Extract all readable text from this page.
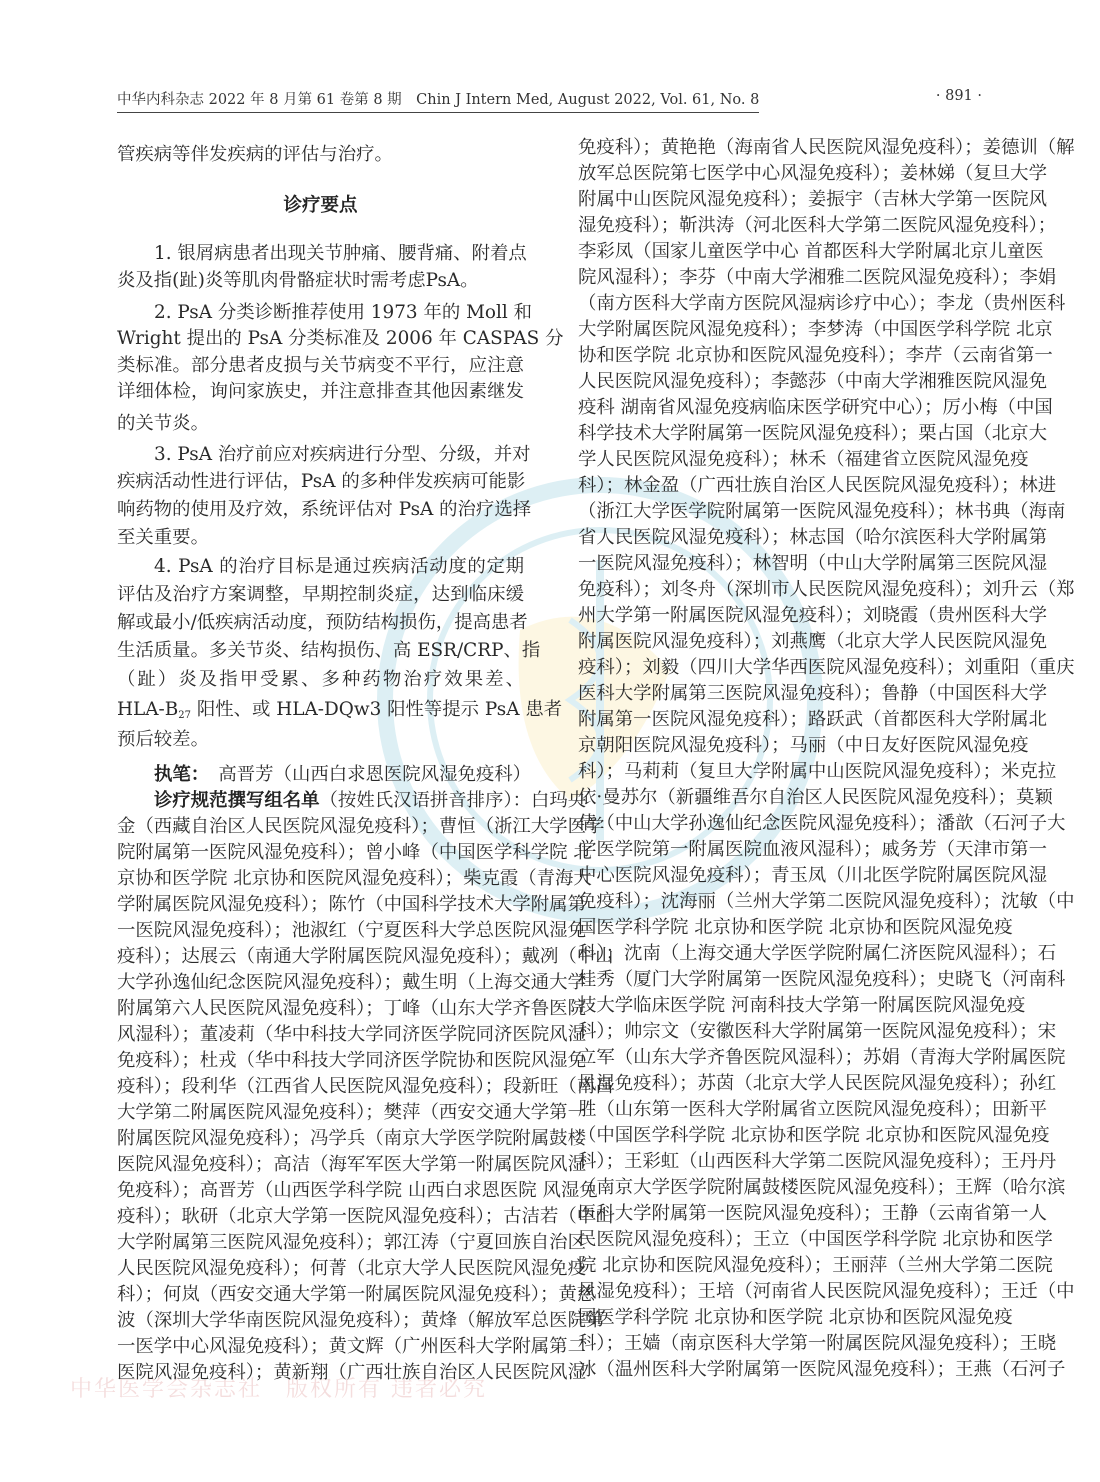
中华内科杂志 2022 年 8 月第 61 卷第 8 期　Chin J Intern Med, August 2022, Vol. 61, No. 8	· 891 ·
中华医学会杂志社　版权所有 违者必究
诊疗要点
管疾病等伴发疾病的评估与治疗。
1. 银屑病患者出现关节肿痛、腰背痛、附着点
炎及指(趾)炎等肌肉骨骼症状时需考虑PsA。
2. PsA 分类诊断推荐使用 1973 年的 Moll 和
Wright 提出的 PsA 分类标准及 2006 年 CASPAS 分
类标准。部分患者皮损与关节病变不平行，应注意
详细体检，询问家族史，并注意排查其他因素继发
的关节炎。
3. PsA 治疗前应对疾病进行分型、分级，并对
疾病活动性进行评估，PsA 的多种伴发疾病可能影
响药物的使用及疗效，系统评估对 PsA 的治疗选择
至关重要。
4. PsA 的治疗目标是通过疾病活动度的定期
评估及治疗方案调整，早期控制炎症，达到临床缓
解或最小/低疾病活动度，预防结构损伤，提高患者
生活质量。多关节炎、结构损伤、高 ESR/CRP、指
（趾）炎及指甲受累、多种药物治疗效果差、
HLA-$B_{27}$ 阳性、或 HLA-DQw3 阳性等提示 PsA 患者
预后较差。
执笔：　高晋芳（山西白求恩医院风湿免疫科）
诊疗规范撰写组名单（按姓氏汉语拼音排序）：白玛央
金（西藏自治区人民医院风湿免疫科）；曹恒（浙江大学医学
院附属第一医院风湿免疫科）；曾小峰（中国医学科学院 北
京协和医学院 北京协和医院风湿免疫科）；柴克霞（青海大
学附属医院风湿免疫科）；陈竹（中国科学技术大学附属第
一医院风湿免疫科）；池淑红（宁夏医科大学总医院风湿免
疫科）；达展云（南通大学附属医院风湿免疫科）；戴冽（中山
大学孙逸仙纪念医院风湿免疫科）；戴生明（上海交通大学
附属第六人民医院风湿免疫科）；丁峰（山东大学齐鲁医院
风湿科）；董凌莉（华中科技大学同济医学院同济医院风湿
免疫科）；杜戎（华中科技大学同济医学院协和医院风湿免
疫科）；段利华（江西省人民医院风湿免疫科）；段新旺（南昌
大学第二附属医院风湿免疫科）；樊萍（西安交通大学第一
附属医院风湿免疫科）；冯学兵（南京大学医学院附属鼓楼
医院风湿免疫科）；高洁（海军军医大学第一附属医院风湿
免疫科）；高晋芳（山西医学科学院 山西白求恩医院 风湿免
疫科）；耿研（北京大学第一医院风湿免疫科）；古洁若（中山
大学附属第三医院风湿免疫科）；郭江涛（宁夏回族自治区
人民医院风湿免疫科）；何菁（北京大学人民医院风湿免疫
科）；何岚（西安交通大学第一附属医院风湿免疫科）；黄慈
波（深圳大学华南医院风湿免疫科）；黄烽（解放军总医院第
一医学中心风湿免疫科）；黄文辉（广州医科大学附属第二
医院风湿免疫科）；黄新翔（广西壮族自治区人民医院风湿
免疫科）；黄艳艳（海南省人民医院风湿免疫科）；姜德训（解
放军总医院第七医学中心风湿免疫科）；姜林娣（复旦大学
附属中山医院风湿免疫科）；姜振宇（吉林大学第一医院风
湿免疫科）；靳洪涛（河北医科大学第二医院风湿免疫科）；
李彩凤（国家儿童医学中心 首都医科大学附属北京儿童医
院风湿科）；李芬（中南大学湘雅二医院风湿免疫科）；李娟
（南方医科大学南方医院风湿病诊疗中心）；李龙（贵州医科
大学附属医院风湿免疫科）；李梦涛（中国医学科学院 北京
协和医学院 北京协和医院风湿免疫科）；李芹（云南省第一
人民医院风湿免疫科）；李懿莎（中南大学湘雅医院风湿免
疫科 湖南省风湿免疫病临床医学研究中心）；厉小梅（中国
科学技术大学附属第一医院风湿免疫科）；栗占国（北京大
学人民医院风湿免疫科）；林禾（福建省立医院风湿免疫
科）；林金盈（广西壮族自治区人民医院风湿免疫科）；林进
（浙江大学医学院附属第一医院风湿免疫科）；林书典（海南
省人民医院风湿免疫科）；林志国（哈尔滨医科大学附属第
一医院风湿免疫科）；林智明（中山大学附属第三医院风湿
免疫科）；刘冬舟（深圳市人民医院风湿免疫科）；刘升云（郑
州大学第一附属医院风湿免疫科）；刘晓霞（贵州医科大学
附属医院风湿免疫科）；刘燕鹰（北京大学人民医院风湿免
疫科）；刘毅（四川大学华西医院风湿免疫科）；刘重阳（重庆
医科大学附属第三医院风湿免疫科）；鲁静（中国医科大学
附属第一医院风湿免疫科）；路跃武（首都医科大学附属北
京朝阳医院风湿免疫科）；马丽（中日友好医院风湿免疫
科）；马莉莉（复旦大学附属中山医院风湿免疫科）；米克拉
依·曼苏尔（新疆维吾尔自治区人民医院风湿免疫科）；莫颖
倩（中山大学孙逸仙纪念医院风湿免疫科）；潘歆（石河子大
学医学院第一附属医院血液风湿科）；戚务芳（天津市第一
中心医院风湿免疫科）；青玉凤（川北医学院附属医院风湿
免疫科）；沈海丽（兰州大学第二医院风湿免疫科）；沈敏（中
国医学科学院 北京协和医学院 北京协和医院风湿免疫
科）；沈南（上海交通大学医学院附属仁济医院风湿科）；石
桂秀（厦门大学附属第一医院风湿免疫科）；史晓飞（河南科
技大学临床医学院 河南科技大学第一附属医院风湿免疫
科）；帅宗文（安徽医科大学附属第一医院风湿免疫科）；宋
立军（山东大学齐鲁医院风湿科）；苏娟（青海大学附属医院
风湿免疫科）；苏茵（北京大学人民医院风湿免疫科）；孙红
胜（山东第一医科大学附属省立医院风湿免疫科）；田新平
（中国医学科学院 北京协和医学院 北京协和医院风湿免疫
科）；王彩虹（山西医科大学第二医院风湿免疫科）；王丹丹
（南京大学医学院附属鼓楼医院风湿免疫科）；王辉（哈尔滨
医科大学附属第一医院风湿免疫科）；王静（云南省第一人
民医院风湿免疫科）；王立（中国医学科学院 北京协和医学
院 北京协和医院风湿免疫科）；王丽萍（兰州大学第二医院
风湿免疫科）；王培（河南省人民医院风湿免疫科）；王迁（中
国医学科学院 北京协和医学院 北京协和医院风湿免疫
科）；王嫱（南京医科大学第一附属医院风湿免疫科）；王晓
冰（温州医科大学附属第一医院风湿免疫科）；王燕（石河子
